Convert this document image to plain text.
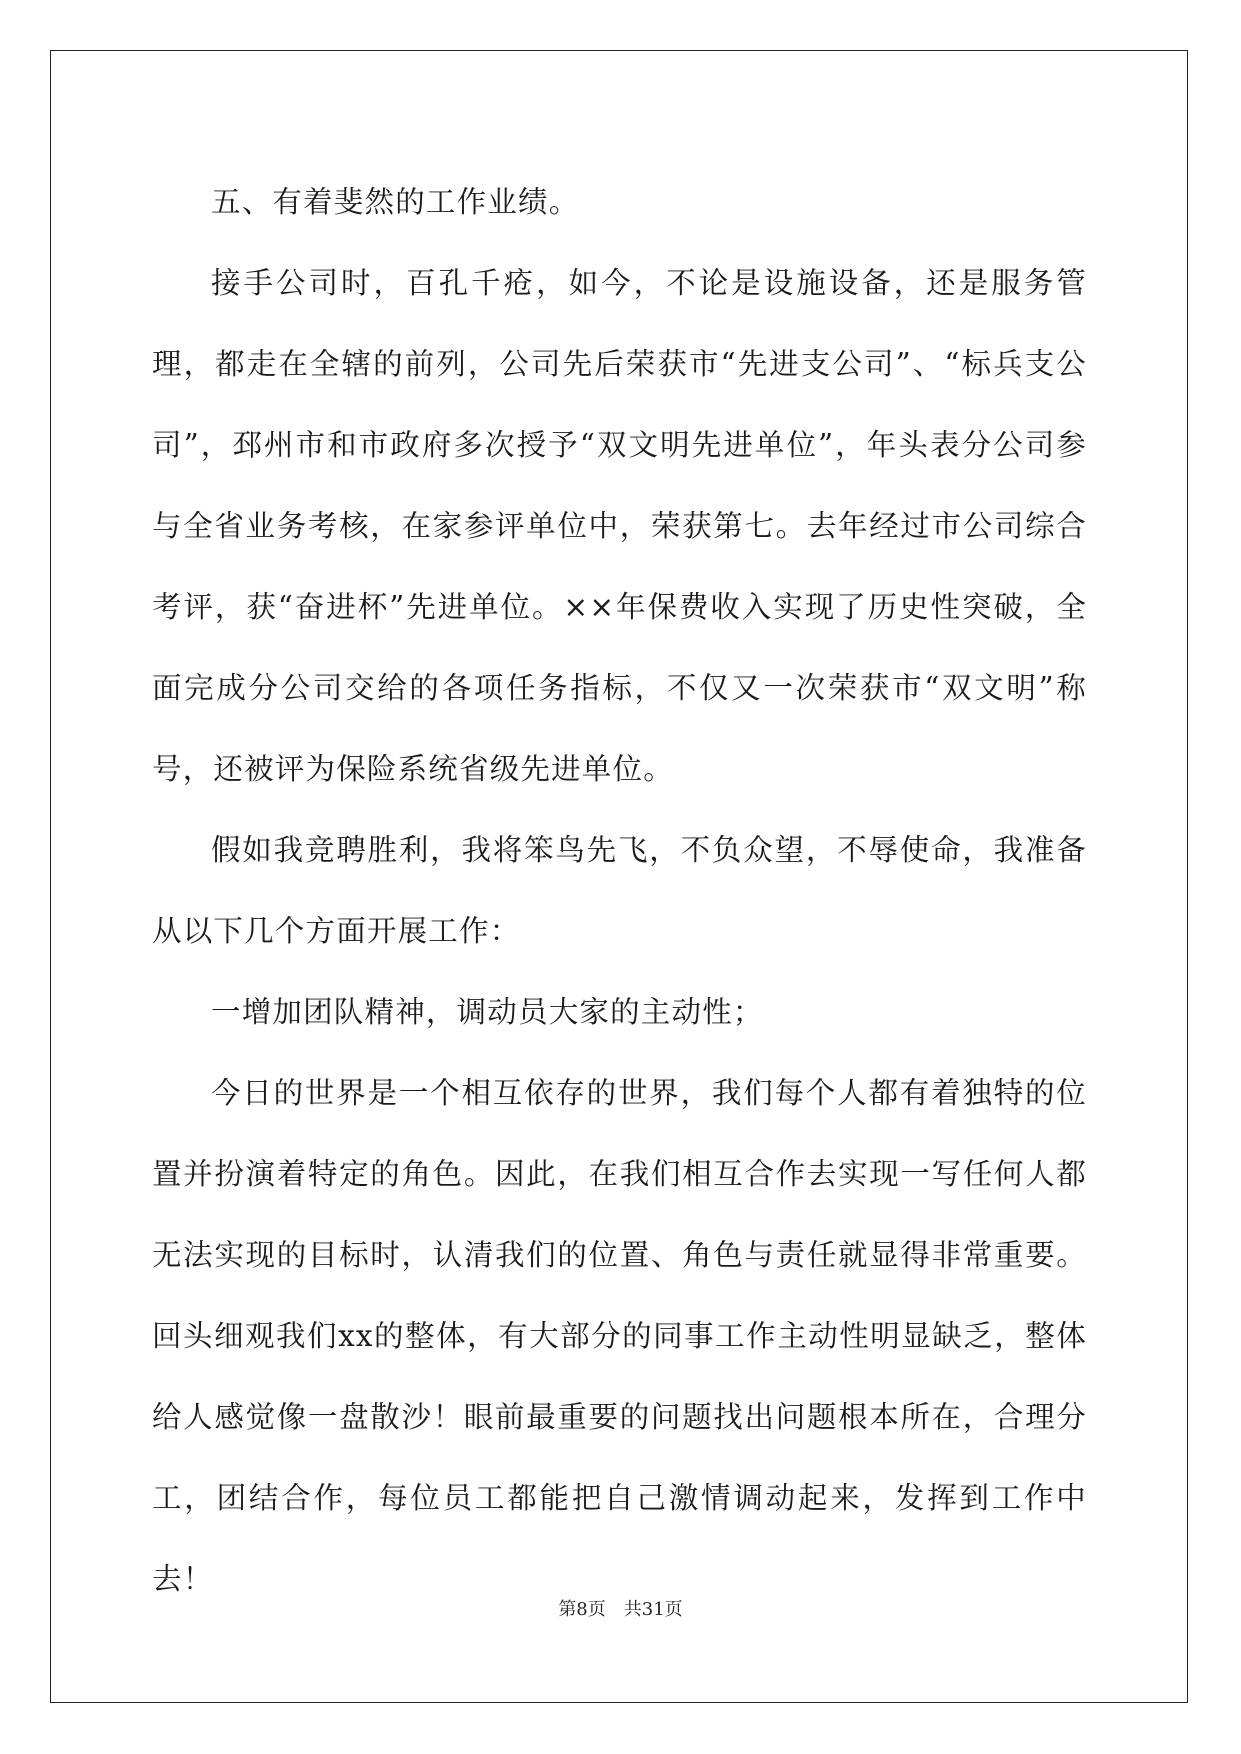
五、有着斐然的工作业绩。

接手公司时，百孔千疮，如今，不论是设施设备，还是服务管理，都走在全辖的前列，公司先后荣获市“先进支公司”、“标兵支公司”，邳州市和市政府多次授予“双文明先进单位”，年头表分公司参与全省业务考核，在家参评单位中，荣获第七。去年经过市公司综合考评，获“奋进杯”先进单位。××年保费收入实现了历史性突破，全面完成分公司交给的各项任务指标，不仅又一次荣获市“双文明”称号，还被评为保险系统省级先进单位。

假如我竞聘胜利，我将笨鸟先飞，不负众望，不辱使命，我准备从以下几个方面开展工作：

一增加团队精神，调动员大家的主动性；

今日的世界是一个相互依存的世界，我们每个人都有着独特的位置并扮演着特定的角色。因此，在我们相互合作去实现一写任何人都无法实现的目标时，认清我们的位置、角色与责任就显得非常重要。回头细观我们xx的整体，有大部分的同事工作主动性明显缺乏，整体给人感觉像一盘散沙！眼前最重要的问题找出问题根本所在，合理分工，团结合作，每位员工都能把自己激情调动起来，发挥到工作中去！

第8页 共31页
